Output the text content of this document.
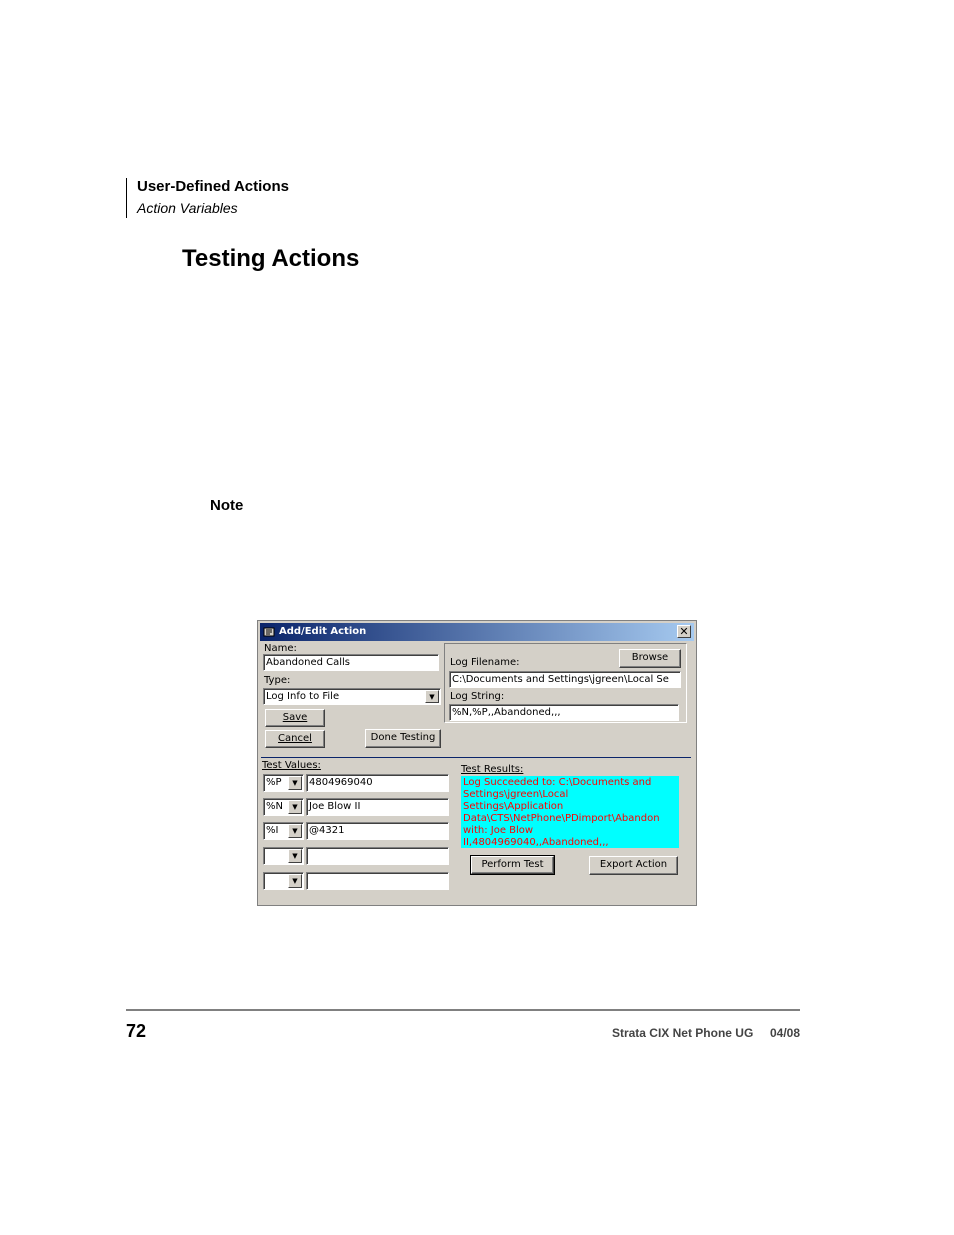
User-Defined Actions
Action Variables
Testing Actions
Note
Add/Edit Action	✕
Name:
Abandoned Calls
Type:
Log Info to File	▼
Save
Cancel	Done Testing
Log Filename:	Browse
C:\Documents and Settings\jgreen\Local Se
Log String:
%N,%P,,Abandoned,,,
Test Values:
%P	▼	4804969040
%N	▼	Joe Blow II
%I	▼	@4321
▼
▼
Test Results:
Log Succeeded to: C:\Documents and
Settings\jgreen\Local
Settings\Application
Data\CTS\NetPhone\PDimport\Abandon
with: Joe Blow
II,4804969040,,Abandoned,,,
Perform Test	Export Action
72	Strata CIX Net Phone UG     04/08
